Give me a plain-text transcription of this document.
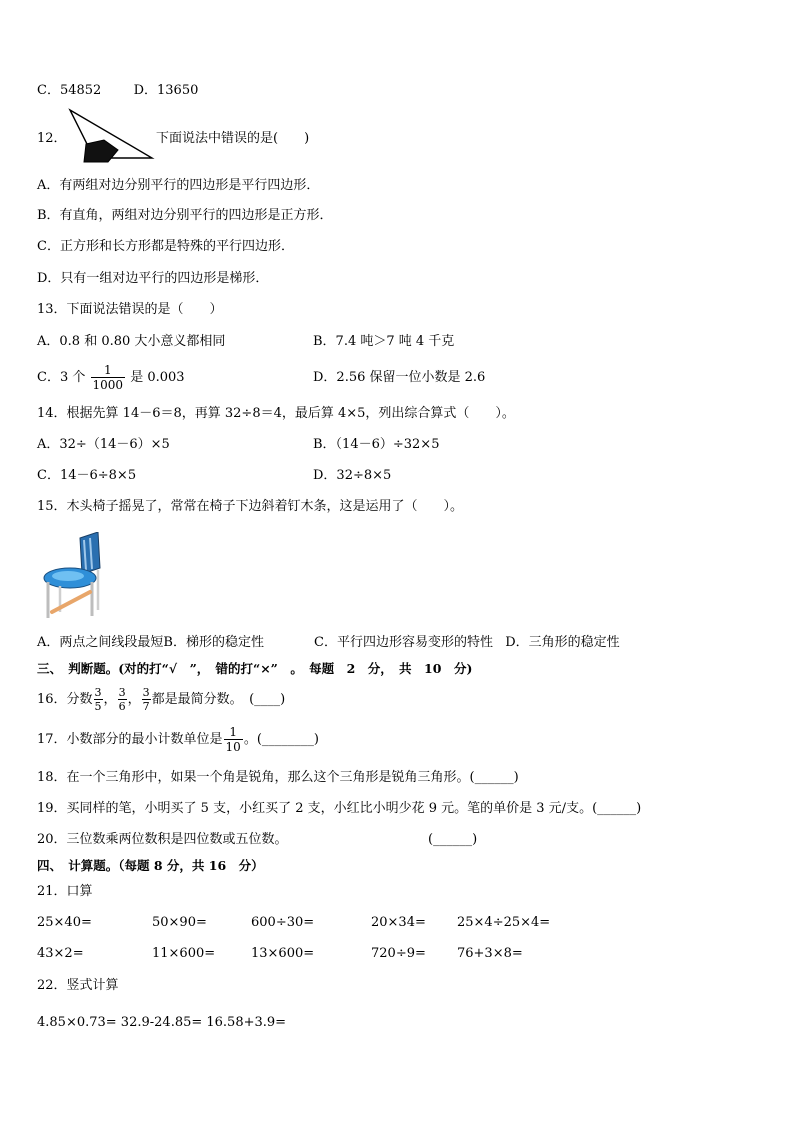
C．54852 D．13650
12．	下面说法中错误的是(　　)
A．有两组对边分别平行的四边形是平行四边形．
B．有直角，两组对边分别平行的四边形是正方形．
C．正方形和长方形都是特殊的平行四边形．
D．只有一组对边平行的四边形是梯形．
13．下面说法错误的是（　　）
A．0.8 和 0.80 大小意义都相同	B．7.4 吨＞7 吨 4 千克
C．3 个 $\frac{1}{1000}$ 是 0.003	D．2.56 保留一位小数是 2.6
14．根据先算 14－6＝8，再算 32÷8＝4，最后算 4×5，列出综合算式（　　）。
A．32÷（14－6）×5	B．（14－6）÷32×5
C．14－6÷8×5	D．32÷8×5
15．木头椅子摇晃了，常常在椅子下边斜着钉木条，这是运用了（　　）。
A．两点之间线段最短B．梯形的稳定性	C．平行四边形容易变形的特性 D．三角形的稳定性
三、　判断题。(对的打“√　”，　错的打“×”　。　每题　2　分，　共　10　分)
16．分数 $\frac{3}{5}$ ， $\frac{3}{6}$ ， $\frac{3}{7}$ 都是最简分数。　(____)
17．小数部分的最小计数单位是 $\frac{1}{10}$ 。(________)
18．在一个三角形中，如果一个角是锐角，那么这个三角形是锐角三角形。(______)
19．买同样的笔，小明买了 5 支，小红买了 2 支，小红比小明少花 9 元。笔的单价是 3 元/支。(______)
20．三位数乘两位数积是四位数或五位数。	(______)
四、　计算题。（每题 8 分，共 16　分）
21．口算
25×40=	50×90=	600÷30=	20×34= 25×4÷25×4=
43×2=	11×600=	13×600=	720÷9= 76+3×8=
22．竖式计算
4.85×0.73= 32.9-24.85= 16.58+3.9=
